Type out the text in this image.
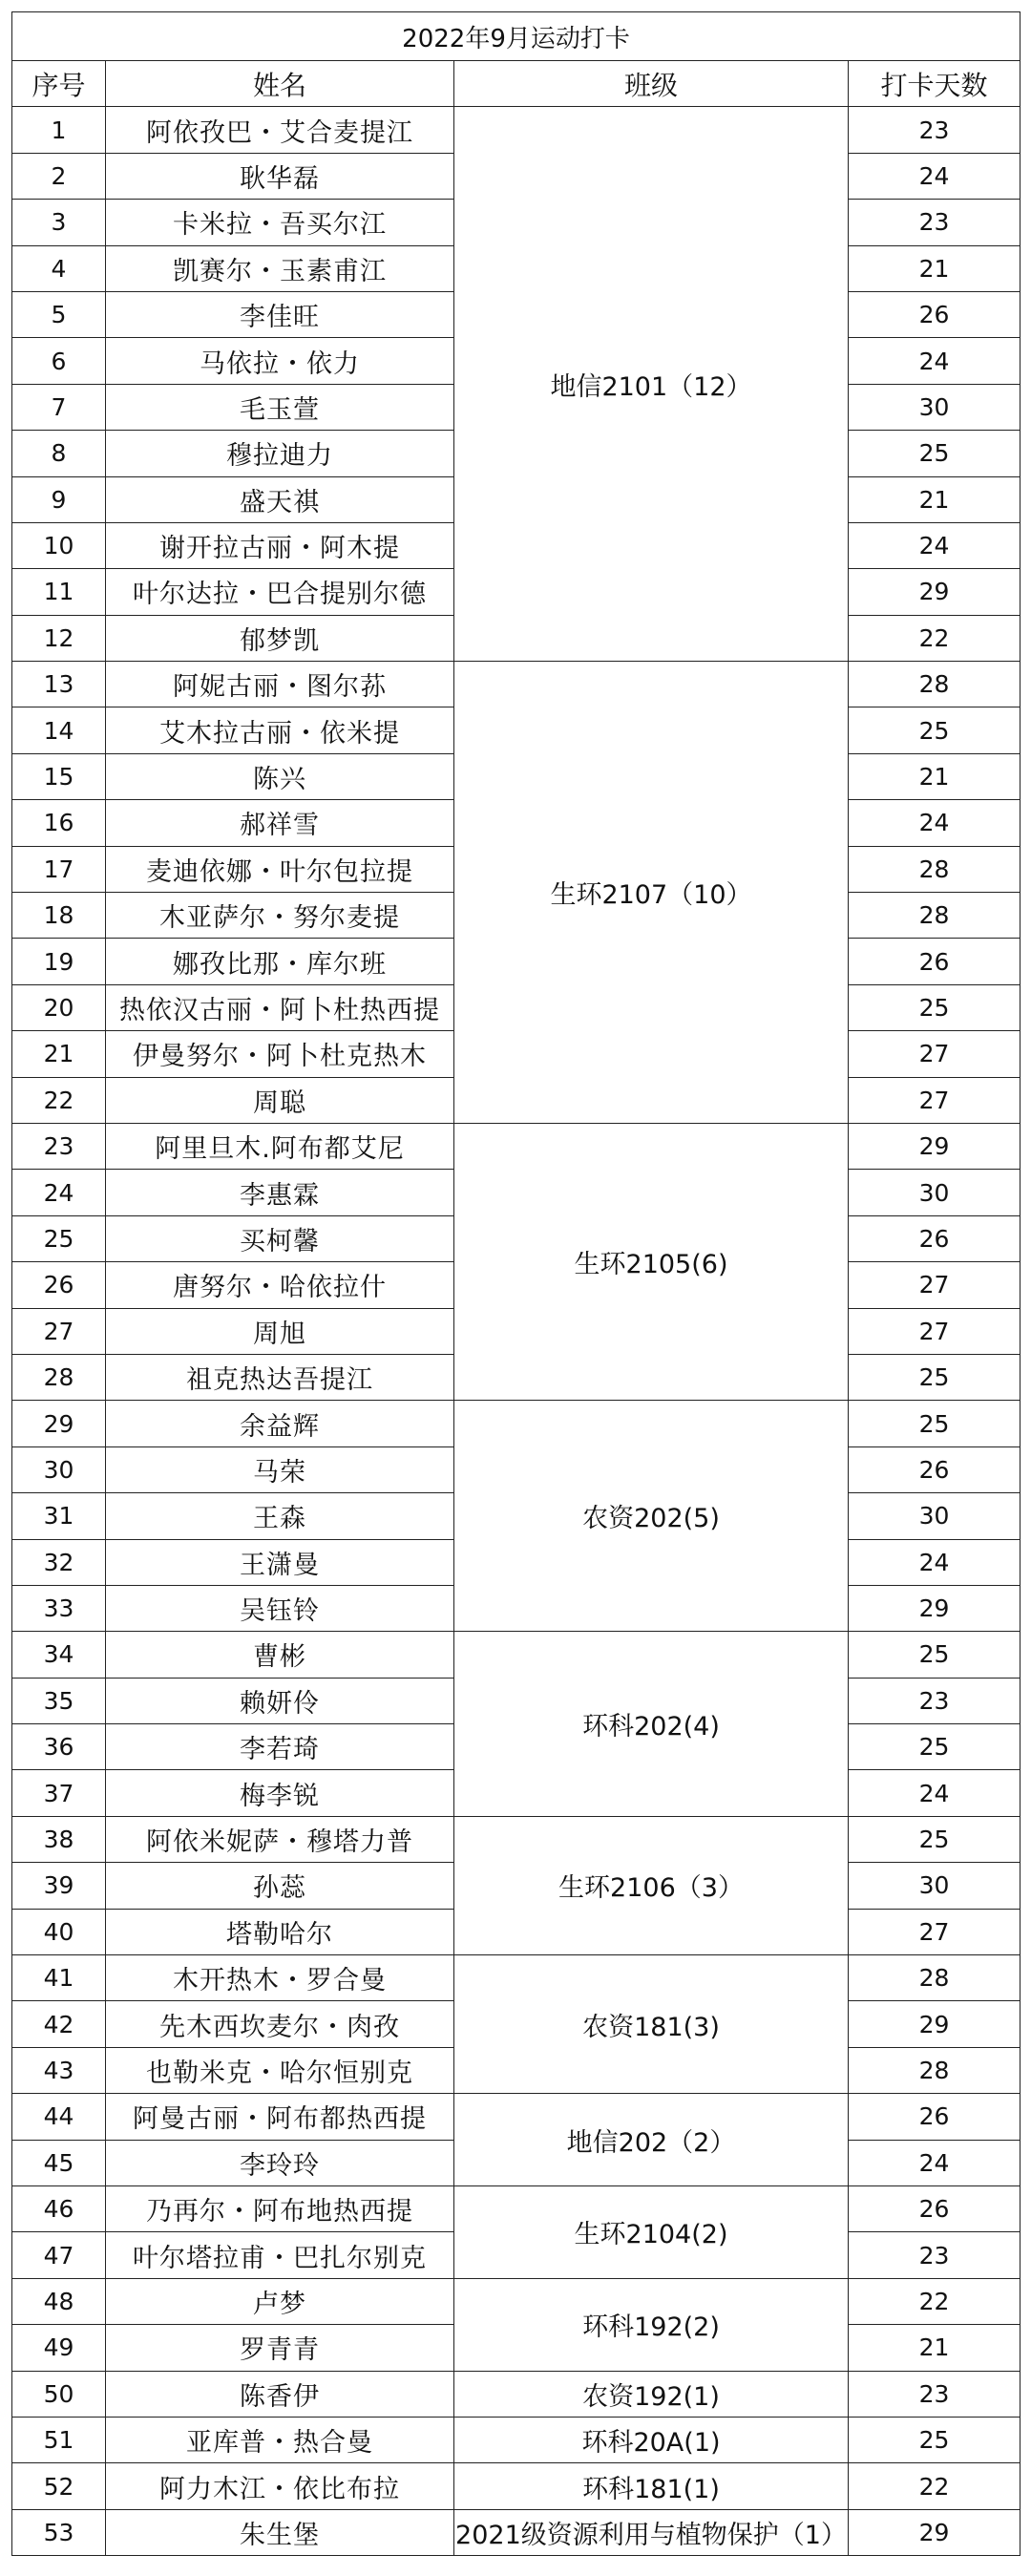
2022年9月运动打卡			
序号	姓名	班级	打卡天数
1	阿依孜巴・艾合麦提江	地信2101（12）	23
2	耿华磊		24
3	卡米拉・吾买尔江		23
4	凯赛尔・玉素甫江		21
5	李佳旺		26
6	马依拉・依力		24
7	毛玉萱		30
8	穆拉迪力		25
9	盛天祺		21
10	谢开拉古丽・阿木提		24
11	叶尔达拉・巴合提别尔德		29
12	郁梦凯		22
13	阿妮古丽・图尔荪	生环2107（10）	28
14	艾木拉古丽・依米提		25
15	陈兴		21
16	郝祥雪		24
17	麦迪依娜・叶尔包拉提		28
18	木亚萨尔・努尔麦提		28
19	娜孜比那・库尔班		26
20	热依汉古丽・阿卜杜热西提		25
21	伊曼努尔・阿卜杜克热木		27
22	周聪		27
23	阿里旦木.阿布都艾尼	生环2105(6)	29
24	李惠霖		30
25	买柯馨		26
26	唐努尔・哈依拉什		27
27	周旭		27
28	祖克热达吾提江		25
29	余益辉	农资202(5)	25
30	马荣		26
31	王森		30
32	王潇曼		24
33	吴钰铃		29
34	曹彬	环科202(4)	25
35	赖妍伶		23
36	李若琦		25
37	梅李锐		24
38	阿依米妮萨・穆塔力普	生环2106（3）	25
39	孙蕊		30
40	塔勒哈尔		27
41	木开热木・罗合曼	农资181(3)	28
42	先木西坎麦尔・肉孜		29
43	也勒米克・哈尔恒别克		28
44	阿曼古丽・阿布都热西提	地信202（2）	26
45	李玲玲		24
46	乃再尔・阿布地热西提	生环2104(2)	26
47	叶尔塔拉甫・巴扎尔别克		23
48	卢梦	环科192(2)	22
49	罗青青		21
50	陈香伊	农资192(1)	23
51	亚库普・热合曼	环科20A(1)	25
52	阿力木江・依比布拉	环科181(1)	22
53	朱生堡	2021级资源利用与植物保护（1）	29
